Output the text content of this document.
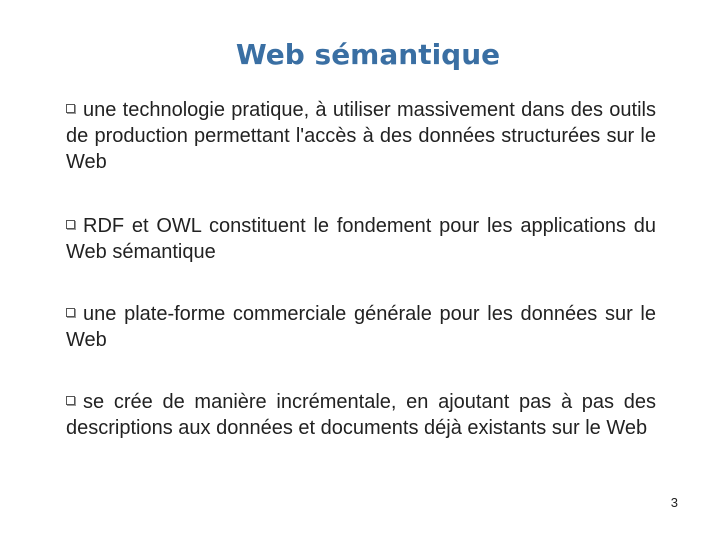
Web sémantique
une technologie pratique, à utiliser massivement dans des outils de production permettant l'accès à des données structurées sur le Web
RDF et OWL constituent le fondement pour les applications du Web sémantique
une plate-forme commerciale générale pour les données sur le Web
se crée de manière incrémentale, en ajoutant pas à pas des descriptions aux données et documents déjà existants sur le Web
3
